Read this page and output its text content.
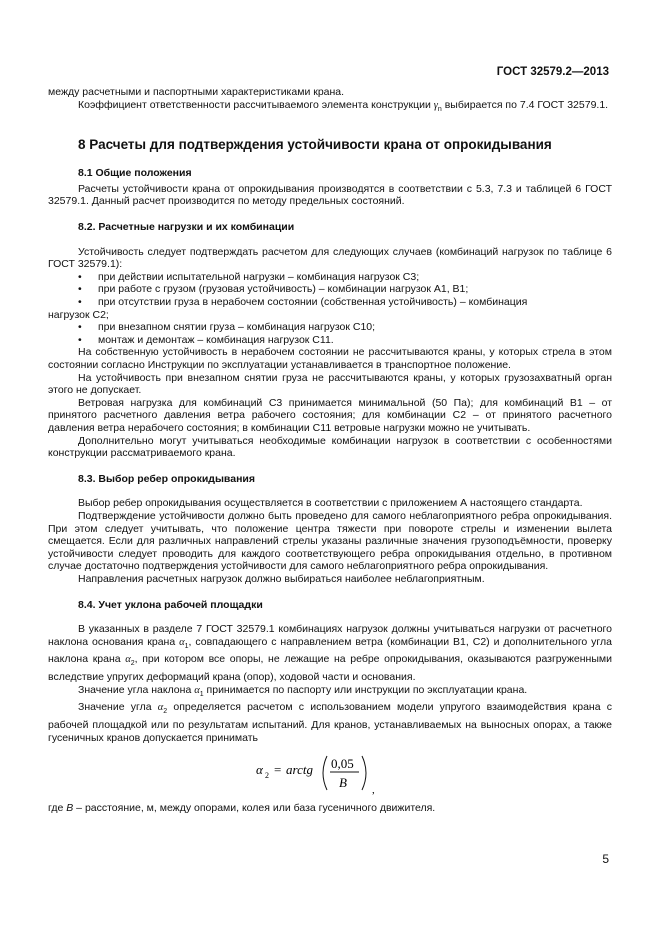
ГОСТ 32579.2—2013

между расчетными и паспортными характеристиками крана.

Коэффициент ответственности рассчитываемого элемента конструкции $\gamma_n$ выбирается по 7.4 ГОСТ 32579.1.

8 Расчеты для подтверждения устойчивости крана от опрокидывания
8.1 Общие положения

Расчеты устойчивости крана от опрокидывания производятся в соответствии с 5.3, 7.3 и таблицей 6 ГОСТ 32579.1. Данный расчет производится по методу предельных состояний.

8.2. Расчетные нагрузки и их комбинации

Устойчивость следует подтверждать расчетом для следующих случаев (комбинаций нагрузок по таблице 6 ГОСТ 32579.1):

•	при действии испытательной нагрузки – комбинация нагрузок С3;
•	при работе с грузом (грузовая устойчивость) – комбинации нагрузок А1, В1;
•	при отсутствии груза в нерабочем состоянии (собственная устойчивость) – комбинация

нагрузок С2;

•	при внезапном снятии груза – комбинация нагрузок С10;
•	монтаж и демонтаж – комбинация нагрузок С11.

На собственную устойчивость в нерабочем состоянии не рассчитываются краны, у которых стрела в этом состоянии согласно Инструкции по эксплуатации устанавливается в транспортное положение.

На устойчивость при внезапном снятии груза не рассчитываются краны, у которых грузозахватный орган этого не допускает.

Ветровая нагрузка для комбинаций С3 принимается минимальной (50 Па); для комбинаций В1 – от принятого расчетного давления ветра рабочего состояния; для комбинации С2 – от принятого расчетного давления ветра нерабочего состояния; в комбинации С11 ветровые нагрузки можно не учитывать.

Дополнительно могут учитываться необходимые комбинации нагрузок в соответствии с особенностями конструкции рассматриваемого крана.

8.3. Выбор ребер опрокидывания

Выбор ребер опрокидывания осуществляется в соответствии с приложением А настоящего стандарта.

Подтверждение устойчивости должно быть проведено для самого неблагоприятного ребра опрокидывания. При этом следует учитывать, что положение центра тяжести при повороте стрелы и изменении вылета смещается. Если для различных направлений стрелы указаны различные значения грузоподъёмности, проверку устойчивости следует проводить для каждого соответствующего ребра опрокидывания отдельно, в противном случае достаточно подтверждения устойчивости для самого неблагоприятного ребра опрокидывания.

Направления расчетных нагрузок должно выбираться наиболее неблагоприятным.

8.4. Учет уклона рабочей площадки

В указанных в разделе 7 ГОСТ 32579.1 комбинациях нагрузок должны учитываться нагрузки от расчетного наклона основания крана $\alpha_1$, совпадающего с направлением ветра (комбинации В1, С2) и дополнительного угла наклона крана $\alpha_2$, при котором все опоры, не лежащие на ребре опрокидывания, оказываются разгруженными вследствие упругих деформаций крана (опор), ходовой части и основания.

Значение угла наклона $\alpha_1$ принимается по паспорту или инструкции по эксплуатации крана.

Значение угла $\alpha_2$ определяется расчетом с использованием модели упругого взаимодействия крана с рабочей площадкой или по результатам испытаний. Для кранов, устанавливаемых на выносных опорах, а также гусеничных кранов допускается принимать

α 2 = arctg 0,05
B ,

где B – расстояние, м, между опорами, колея или база гусеничного движителя.

5
